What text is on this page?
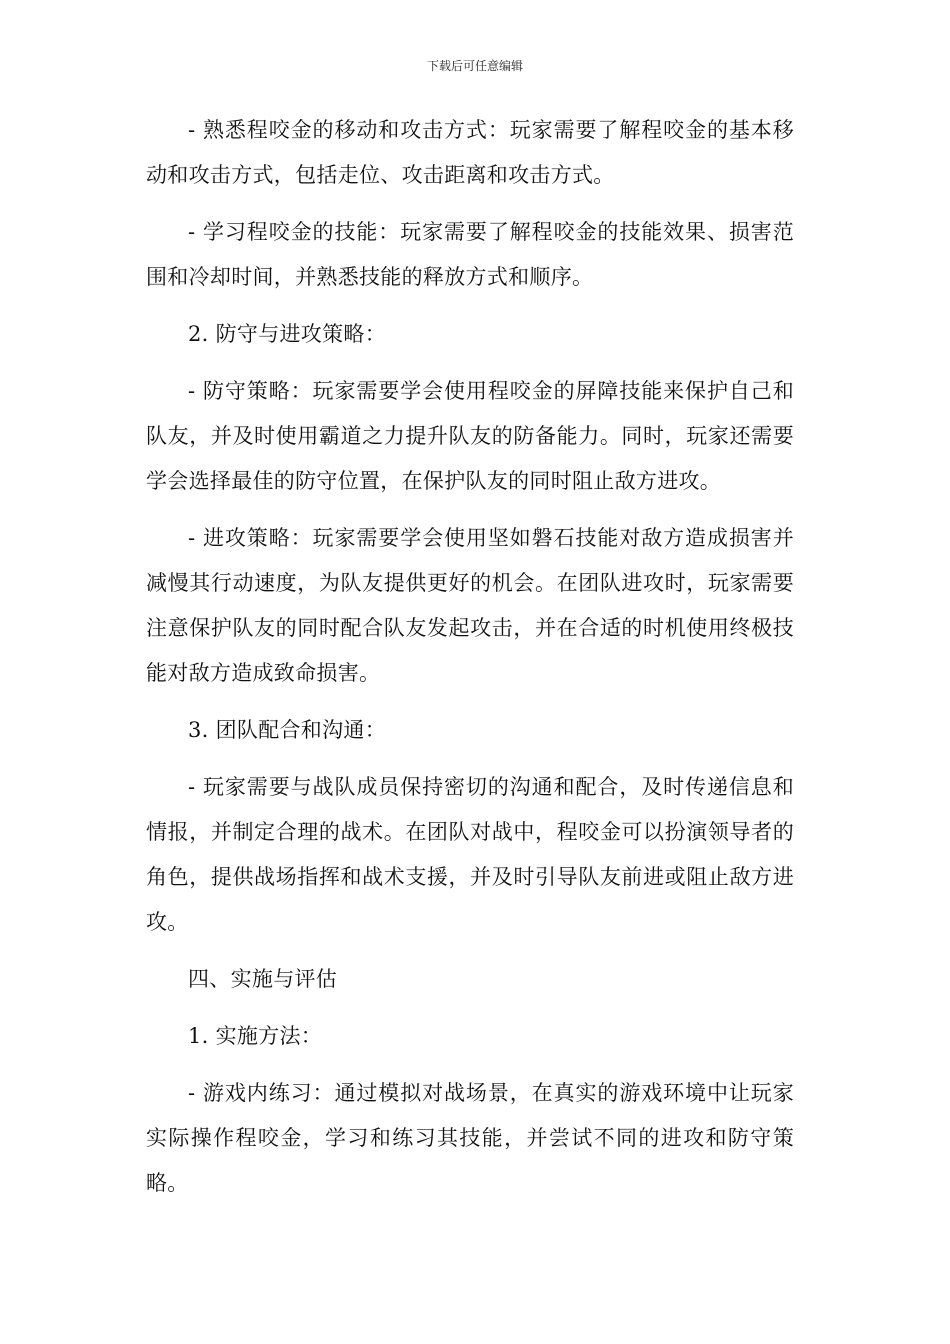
下载后可任意编辑

- 熟悉程咬金的移动和攻击方式：玩家需要了解程咬金的基本移动和攻击方式，包括走位、攻击距离和攻击方式。

- 学习程咬金的技能：玩家需要了解程咬金的技能效果、损害范围和冷却时间，并熟悉技能的释放方式和顺序。

2. 防守与进攻策略：

- 防守策略：玩家需要学会使用程咬金的屏障技能来保护自己和队友，并及时使用霸道之力提升队友的防备能力。同时，玩家还需要学会选择最佳的防守位置，在保护队友的同时阻止敌方进攻。

- 进攻策略：玩家需要学会使用坚如磐石技能对敌方造成损害并减慢其行动速度，为队友提供更好的机会。在团队进攻时，玩家需要注意保护队友的同时配合队友发起攻击，并在合适的时机使用终极技能对敌方造成致命损害。

3. 团队配合和沟通：

- 玩家需要与战队成员保持密切的沟通和配合，及时传递信息和情报，并制定合理的战术。在团队对战中，程咬金可以扮演领导者的角色，提供战场指挥和战术支援，并及时引导队友前进或阻止敌方进攻。

四、实施与评估

1. 实施方法：

- 游戏内练习：通过模拟对战场景，在真实的游戏环境中让玩家实际操作程咬金，学习和练习其技能，并尝试不同的进攻和防守策略。
